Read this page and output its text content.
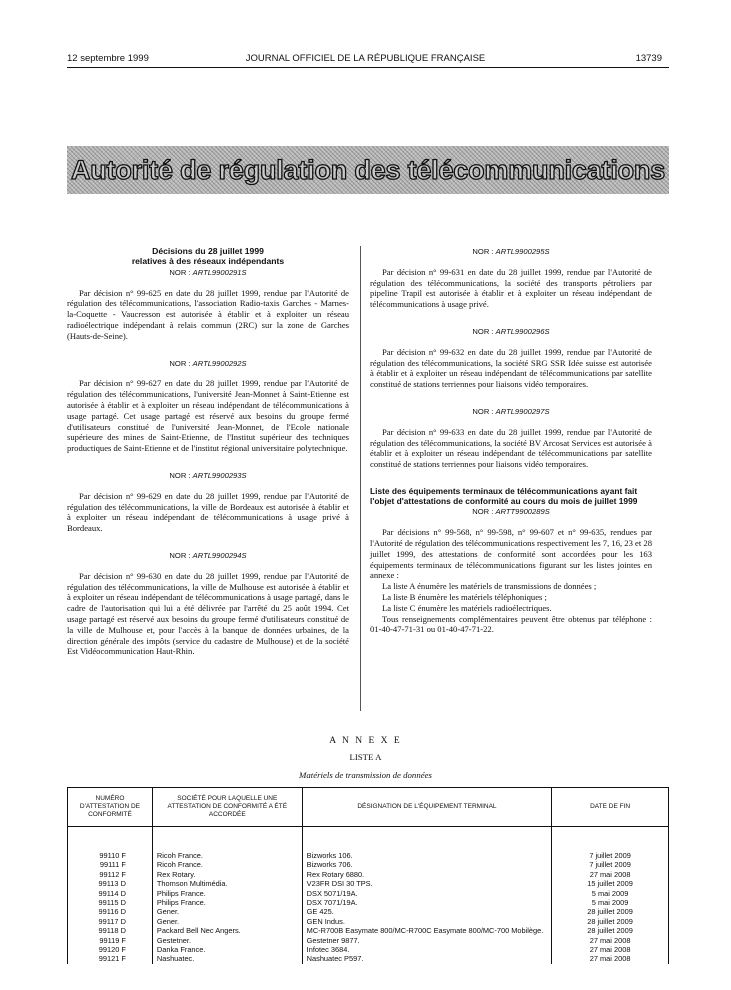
12 septembre 1999	JOURNAL OFFICIEL DE LA RÉPUBLIQUE FRANÇAISE	13739
Autorité de régulation des télécommunications

Décisions du 28 juillet 1999

relatives à des réseaux indépendants

NOR : ARTL9900291S

Par décision n° 99-625 en date du 28 juillet 1999, rendue par l'Autorité de régulation des télécommunications, l'association Radio-taxis Garches - Marnes-la-Coquette - Vaucresson est autorisée à établir et à exploiter un réseau radioélectrique indépendant à relais commun (2RC) sur la zone de Garches (Hauts-de-Seine).

NOR : ARTL9900292S

Par décision n° 99-627 en date du 28 juillet 1999, rendue par l'Autorité de régulation des télécommunications, l'université Jean-Monnet à Saint-Etienne est autorisée à établir et à exploiter un réseau indépendant de télécommunications à usage partagé. Cet usage partagé est réservé aux besoins du groupe fermé d'utilisateurs constitué de l'université Jean-Monnet, de l'Ecole nationale supérieure des mines de Saint-Etienne, de l'Institut supérieur des techniques productiques de Saint-Etienne et de l'institut régional universitaire polytechnique.

NOR : ARTL9900293S

Par décision n° 99-629 en date du 28 juillet 1999, rendue par l'Autorité de régulation des télécommunications, la ville de Bordeaux est autorisée à établir et à exploiter un réseau indépendant de télécommunications à usage privé à Bordeaux.

NOR : ARTL9900294S

Par décision n° 99-630 en date du 28 juillet 1999, rendue par l'Autorité de régulation des télécommunications, la ville de Mulhouse est autorisée à établir et à exploiter un réseau indépendant de télécommunications à usage partagé, dans le cadre de l'autorisation qui lui a été délivrée par l'arrêté du 25 août 1994. Cet usage partagé est réservé aux besoins du groupe fermé d'utilisateurs constitué de la ville de Mulhouse et, pour l'accès à la banque de données urbaines, de la direction générale des impôts (service du cadastre de Mulhouse) et de la société Est Vidéocommunication Haut-Rhin.

NOR : ARTL9900295S

Par décision n° 99-631 en date du 28 juillet 1999, rendue par l'Autorité de régulation des télécommunications, la société des transports pétroliers par pipeline Trapil est autorisée à établir et à exploiter un réseau indépendant de télécommunications à usage privé.

NOR : ARTL9900296S

Par décision n° 99-632 en date du 28 juillet 1999, rendue par l'Autorité de régulation des télécommunications, la société SRG SSR Idée suisse est autorisée à établir et à exploiter un réseau indépendant de télécommunications par satellite constitué de stations terriennes pour liaisons vidéo temporaires.

NOR : ARTL9900297S

Par décision n° 99-633 en date du 28 juillet 1999, rendue par l'Autorité de régulation des télécommunications, la société BV Arcosat Services est autorisée à établir et à exploiter un réseau indépendant de télécommunications par satellite constitué de stations terriennes pour liaisons vidéo temporaires.

Liste des équipements terminaux de télécommunications ayant fait l'objet d'attestations de conformité au cours du mois de juillet 1999

NOR : ARTT9900289S

Par décisions n° 99-568, n° 99-598, n° 99-607 et n° 99-635, rendues par l'Autorité de régulation des télécommunications respectivement les 7, 16, 23 et 28 juillet 1999, des attestations de conformité sont accordées pour les 163 équipements terminaux de télécommunications figurant sur les listes jointes en annexe :

La liste A énumère les matériels de transmissions de données ;

La liste B énumère les matériels téléphoniques ;

La liste C énumère les matériels radioélectriques.

Tous renseignements complémentaires peuvent être obtenus par téléphone : 01-40-47-71-31 ou 01-40-47-71-22.

A N N E X E
LISTE A
Matériels de transmission de données
NUMÉRO D'ATTESTATION DE CONFORMITÉ	SOCIÉTÉ POUR LAQUELLE UNE ATTESTATION DE CONFORMITÉ A ÉTÉ ACCORDÉE	DÉSIGNATION DE L'ÉQUIPEMENT TERMINAL	DATE DE FIN
99110 F	Ricoh France.	Bizworks 106.	7 juillet 2009
99111 F	Ricoh France.	Bizworks 706.	7 juillet 2009
99112 F	Rex Rotary.	Rex Rotary 6880.	27 mai 2008
99113 D	Thomson Multimédia.	V23FR DSI 30 TPS.	15 juillet 2009
99114 D	Philips France.	DSX 5071/19A.	5 mai 2009
99115 D	Philips France.	DSX 7071/19A.	5 mai 2009
99116 D	Gener.	GE 425.	28 juillet 2009
99117 D	Gener.	GEN Indus.	28 juillet 2009
99118 D	Packard Bell Nec Angers.	MC-R700B Easymate 800/MC-R700C Easymate 800/MC-700 Mobilège.	28 juillet 2009
99119 F	Gestetner.	Gestetner 9877.	27 mai 2008
99120 F	Danka France.	Infotec 3684.	27 mai 2008
99121 F	Nashuatec.	Nashuatec P597.	27 mai 2008
